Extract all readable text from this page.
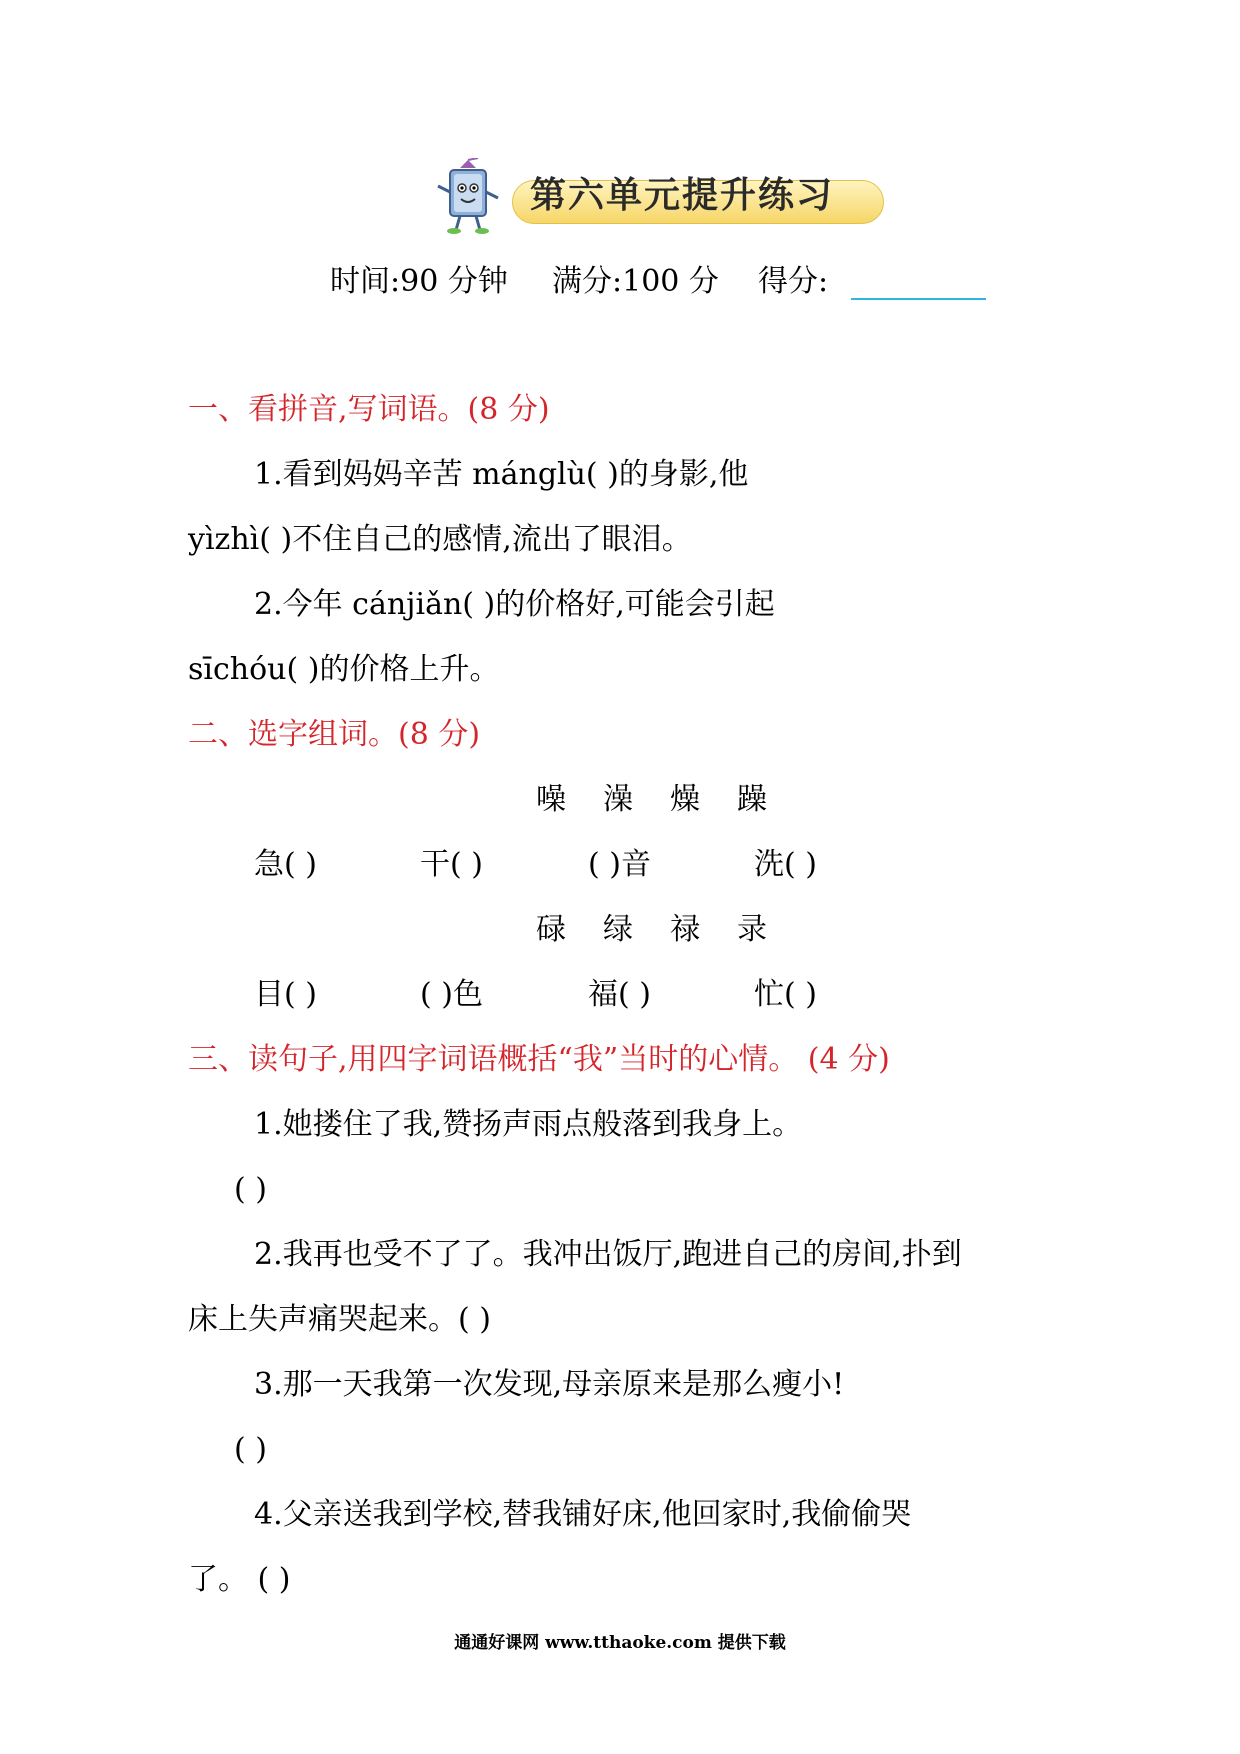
第六单元提升练习
时间:90 分钟 满分:100 分 得分:
一、看拼音,写词语。(8 分)
1.看到妈妈辛苦 mánglù( )的身影,他
yìzhì( )不住自己的感情,流出了眼泪。
2.今年 cánjiǎn( )的价格好,可能会引起
sīchóu( )的价格上升。
二、选字组词。(8 分)
噪 澡 燥 躁
急( )	干( )	( )音	洗( )
碌 绿 禄 录
目( )	( )色	福( )	忙( )
三、读句子,用四字词语概括“我”当时的心情。 (4 分)
1.她搂住了我,赞扬声雨点般落到我身上。
( )
2.我再也受不了了。我冲出饭厅,跑进自己的房间,扑到
床上失声痛哭起来。( )
3.那一天我第一次发现,母亲原来是那么瘦小!
( )
4.父亲送我到学校,替我铺好床,他回家时,我偷偷哭
了。 ( )
通通好课网 www.tthaoke.com 提供下载
